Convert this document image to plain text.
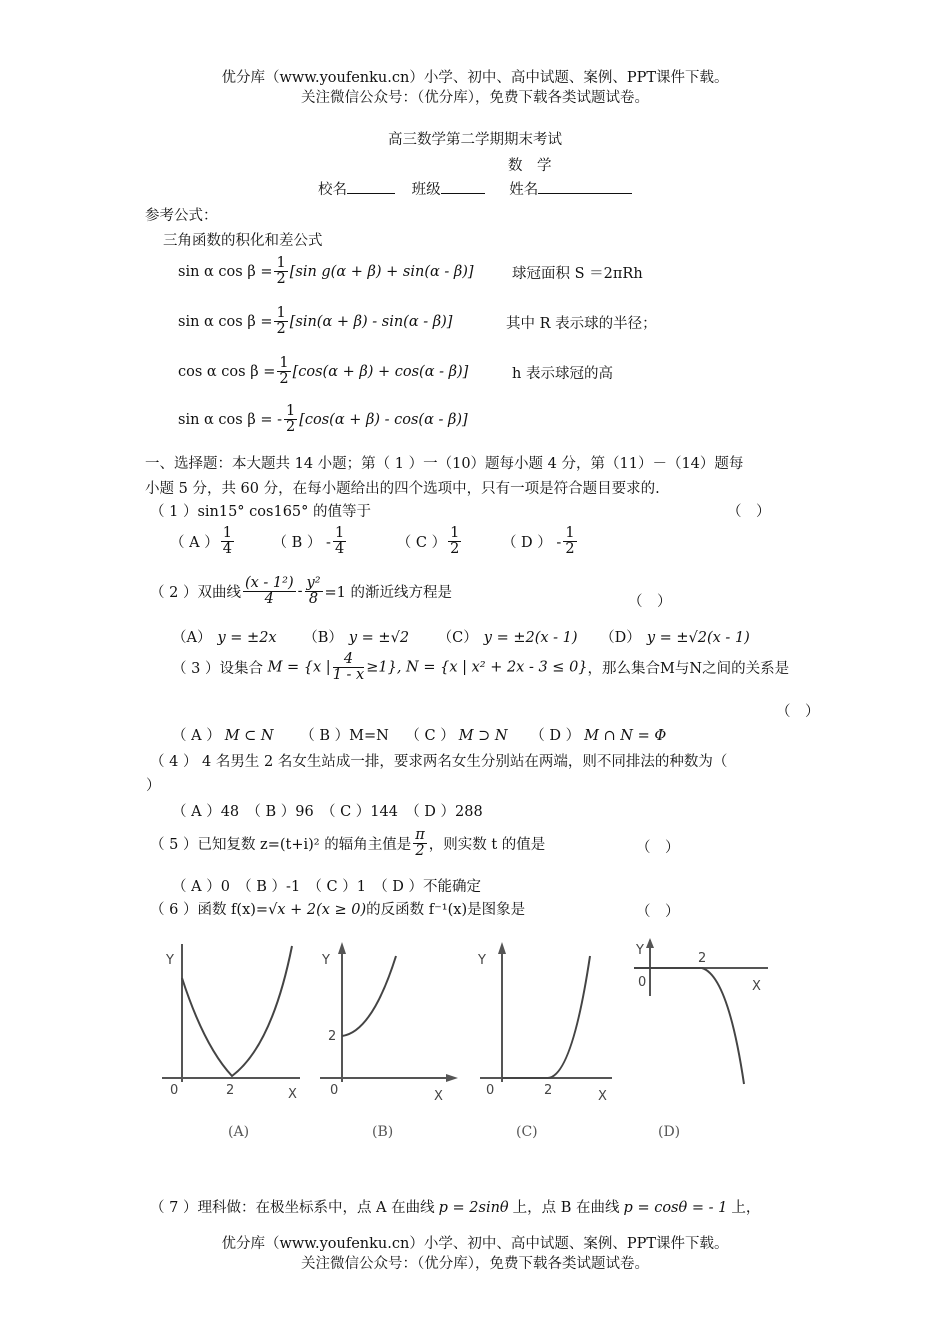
优分库（www.youfenku.cn）小学、初中、高中试题、案例、PPT课件下载。
关注微信公众号：（优分库），免费下载各类试题试卷。
高三数学第二学期期末考试
数　学
校名	班级	姓名
参考公式：
三角函数的积化和差公式
sin α $\cos \beta = \frac{1}{2} [\sin$ g(α + β) + sin(α - β)]	球冠面积 S ＝2πRh
sin α $\cos \beta = \frac{1}{2} [\sin(\alpha + \beta) - \sin(\alpha - \beta)]$	其中 R 表示球的半径；
cos α $\cos \beta = \frac{1}{2} [\cos(\alpha + \beta) + \cos(\alpha - \beta)]$	h 表示球冠的高
sin α cos β = - $\frac{1}{2} [\cos(\alpha + \beta) - \cos(\alpha - \beta)]$
一、选择题：本大题共 14 小题；第（ 1 ）一（10）题每小题 4 分，第（11）－（14）题每
小题 5 分，共 60 分，在每小题给出的四个选项中，只有一项是符合题目要求的.
（ 1 ）sin15° cos165° 的值等于	（　）
（ A ） $\frac{1}{4}$	（ B ） - $\frac{1}{4}$	（ C ） $\frac{1}{2}$	（ D ） - $\frac{1}{2}$
（ 2 ）双曲线 $\frac{\text{(x - 1²)}}{4} - \frac{\text{y²}}{8} =1$ 的渐近线方程是
（　）
（A） y = ±2x （B） y = ±√2 （C） y = ±2(x - 1) （D） y = ±√2(x - 1)
（ 3 ）设集合 M = {x | $\frac{4}{1 - x} \ge 1$}, N = {x | x² + 2x - 3 ≤ 0}，那么集合M与N之间的关系是
（　）
（ A ） M ⊂ N （ B ）M=N （ C ） M ⊃ N （ D ） M ∩ N = Φ
（ 4 ） 4 名男生 2 名女生站成一排，要求两名女生分别站在两端，则不同排法的种数为（
）
（ A ）48　（ B ）96　（ C ）144　（ D ）288
（ 5 ）已知复数 z=(t+i)² 的辐角主值是 $\frac{\pi}{2}$ ，则实数 t 的值是	（　）
（ A ）0　（ B ）-1　（ C ）1　（ D ）不能确定
（ 6 ）函数 f(x)=√x + 2(x ≥ 0)的反函数 f⁻¹(x)是图象是	（　）
Y
X
0	2
(A)
Y
X
0
2
(B)
Y
X
0	2
(C)
Y
X
0
2
(D)
（ 7 ）理科做：在极坐标系中，点 A 在曲线 p = 2sinθ 上，点 B 在曲线 p = cosθ = - 1 上，
优分库（www.youfenku.cn）小学、初中、高中试题、案例、PPT课件下载。
关注微信公众号：（优分库），免费下载各类试题试卷。
